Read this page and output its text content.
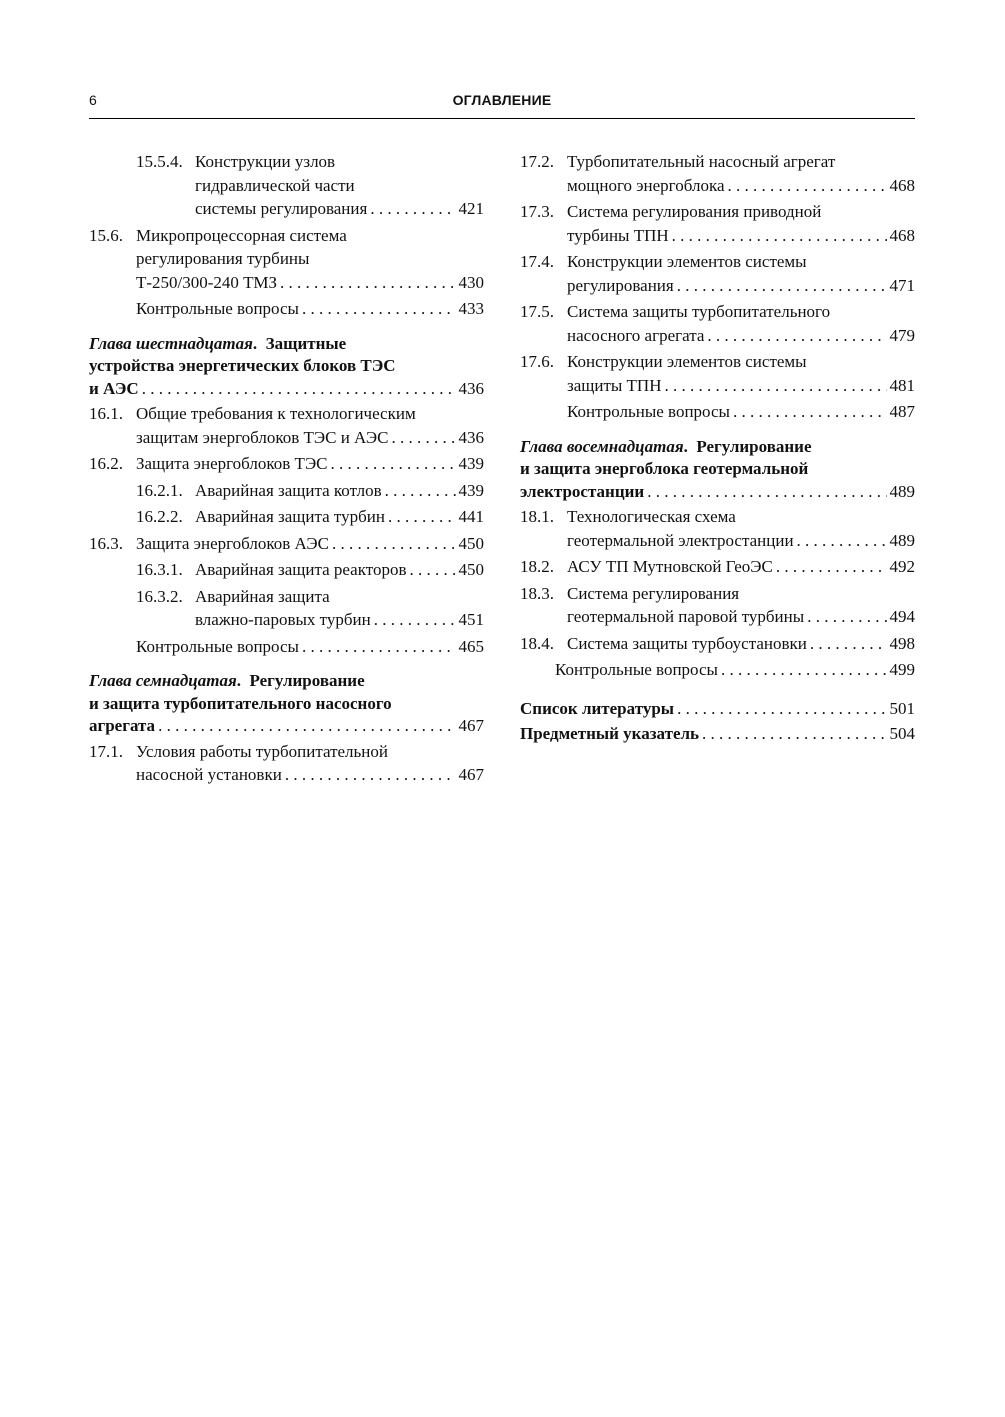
6	ОГЛАВЛЕНИЕ
15.5.4. Конструкции узлов
гидравлической части
системы регулирования . . .	421
15.6. Микропроцессорная система
регулирования турбины
Т-250/300-240 ТМЗ . . .	430
Контрольные вопросы . . .	433
Глава шестнадцатая.  Защитные
устройства энергетических блоков ТЭС
и АЭС . . .	436
16.1. Общие требования к технологическим
защитам энергоблоков ТЭС и АЭС . . .	436
16.2. Защита энергоблоков ТЭС . . .	439
16.2.1. Аварийная защита котлов . . .	439
16.2.2. Аварийная защита турбин . . .	441
16.3. Защита энергоблоков АЭС . . .	450
16.3.1. Аварийная защита реакторов . . .	450
16.3.2. Аварийная защита
влажно-паровых турбин . . .	451
Контрольные вопросы . . .	465
Глава семнадцатая.  Регулирование
и защита турбопитательного насосного
агрегата . . .	467
17.1. Условия работы турбопитательной
насосной установки . . .	467
17.2. Турбопитательный насосный агрегат
мощного энергоблока . . .	468
17.3. Система регулирования приводной
турбины ТПН . . .	468
17.4. Конструкции элементов системы
регулирования . . .	471
17.5. Система защиты турбопитательного
насосного агрегата . . .	479
17.6. Конструкции элементов системы
защиты ТПН . . .	481
Контрольные вопросы . . .	487
Глава восемнадцатая.  Регулирование
и защита энергоблока геотермальной
электростанции . . .	489
18.1. Технологическая схема
геотермальной электростанции . . .	489
18.2. АСУ ТП Мутновской ГеоЭС . . .	492
18.3. Система регулирования
геотермальной паровой турбины . . .	494
18.4. Система защиты турбоустановки . . .	498
Контрольные вопросы . . .	499
Список литературы . . .	501
Предметный указатель . . .	504
